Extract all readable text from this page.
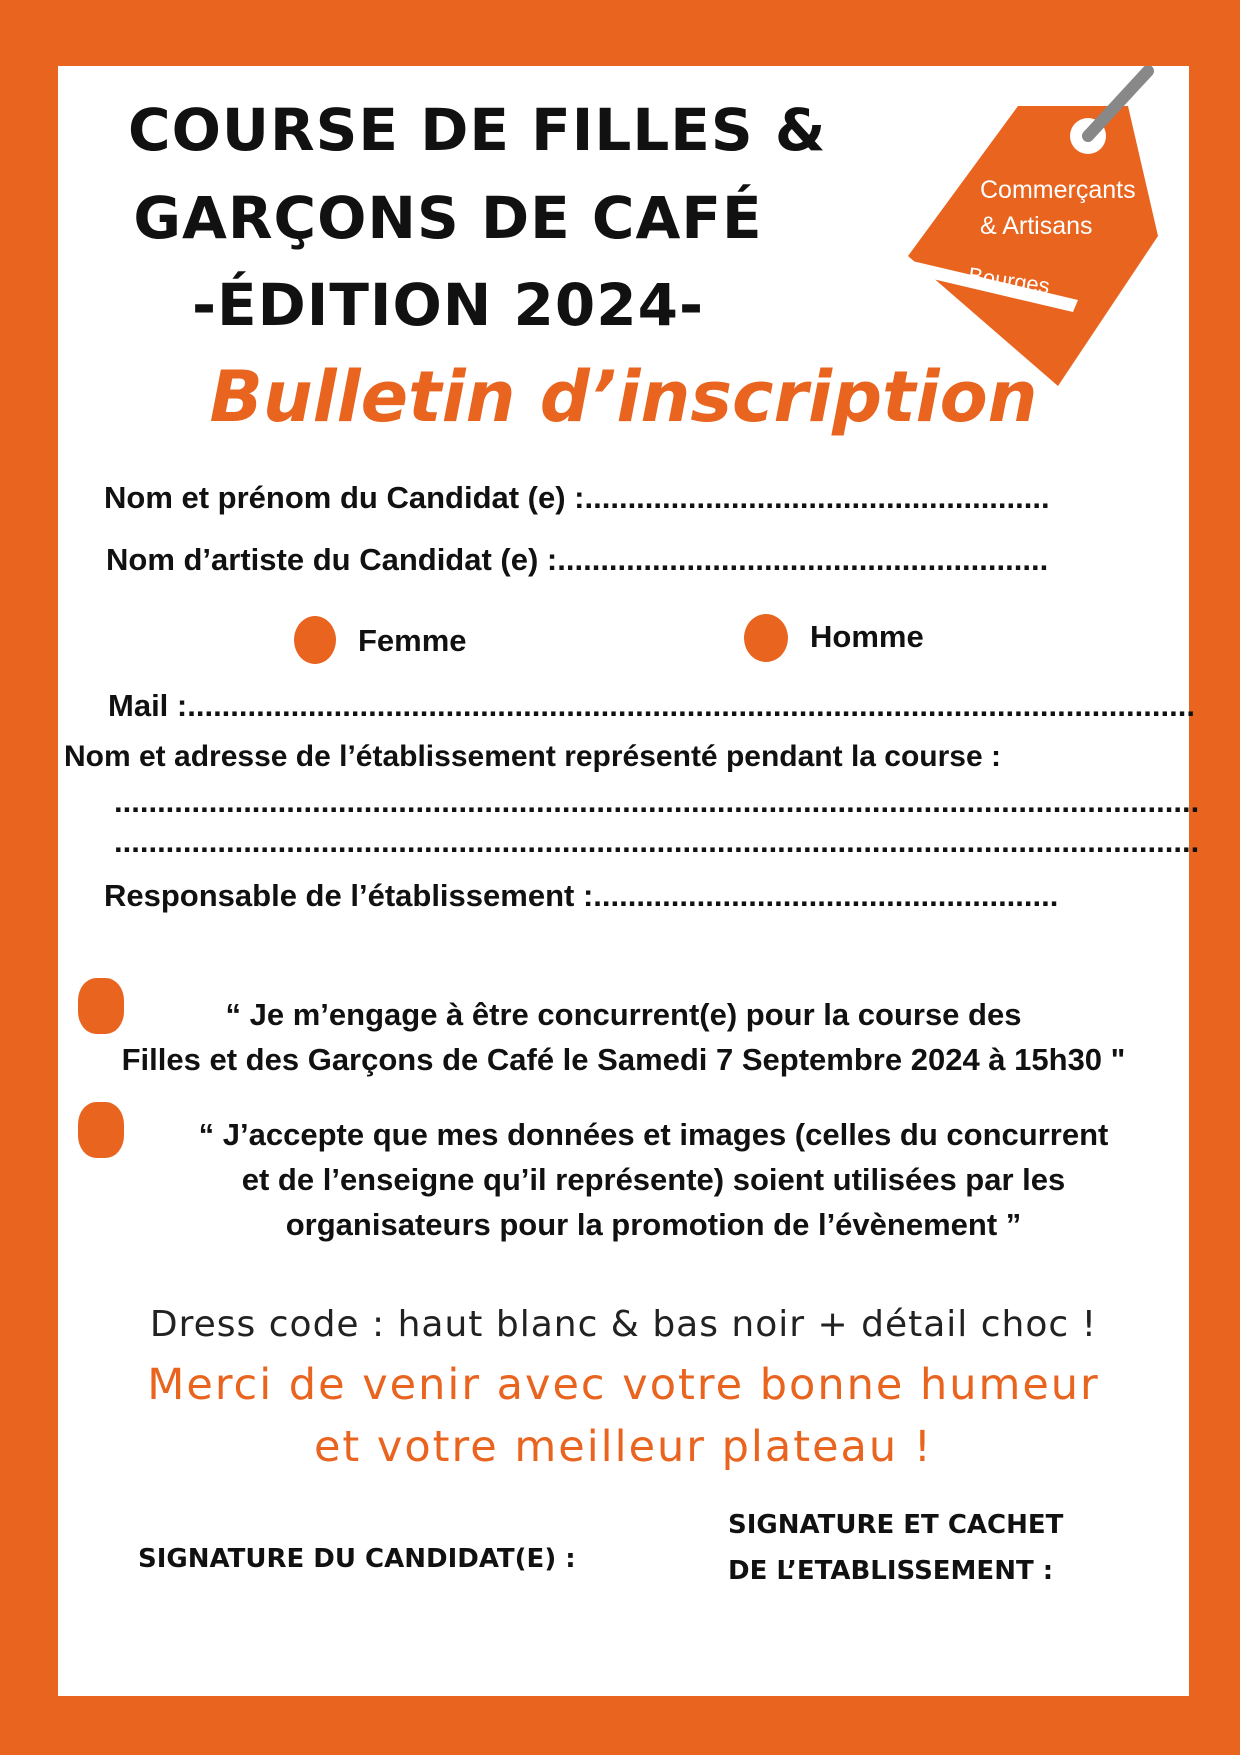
COURSE DE FILLES &
GARÇONS DE CAFÉ
-ÉDITION 2024-
Commerçants
& Artisans
Bourges
Bulletin d’inscription
Nom et prénom du Candidat (e) :......................................................
Nom d’artiste du Candidat (e) :.........................................................
Femme	Homme
Mail :.....................................................................................................................
Nom et adresse de l’établissement représenté pendant la course :
..............................................................................................................................
..............................................................................................................................
Responsable de l’établissement :......................................................
“ Je m’engage à être concurrent(e) pour la course des
Filles et des Garçons de Café le Samedi 7 Septembre 2024 à 15h30 "
“ J’accepte que mes données et images (celles du concurrent
et de l’enseigne qu’il représente) soient utilisées par les
organisateurs pour la promotion de l’évènement ”
Dress code : haut blanc & bas noir + détail choc !
Merci de venir avec votre bonne humeur
et votre meilleur plateau !
SIGNATURE DU CANDIDAT(E) :
SIGNATURE ET CACHET
DE L’ETABLISSEMENT :
